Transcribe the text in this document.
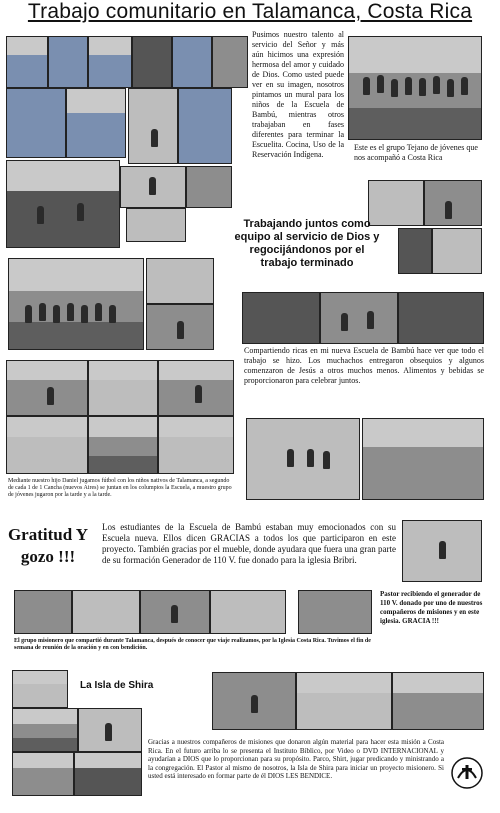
Trabajo comunitario en Talamanca, Costa Rica
Pusimos nuestro talento al servicio del Señor y más aún hicimos una expresión hermosa del amor y cuidado de Dios. Como usted puede ver en su imagen, nosotros pintamos un mural para los niños de la Escuela de Bambú, mientras otros trabajaban en fases diferentes para terminar la Escuelita. Cocina, Uso de la Reservación Indígena.
Este es el grupo Tejano de jóvenes que nos acompañó a Costa Rica
Trabajando juntos como equipo al servicio de Dios y regocijándonos por el trabajo terminado
Compartiendo ricas en mi nueva Escuela de Bambú hace ver que todo el trabajo se hizo. Los muchachos entregaron obsequios y algunos comenzaron de Jesús a otros muchos menos. Alimentos y bebidas se proporcionaron para celebrar juntos.
Mediante nuestro hijo Daniel jugamos fútbol con los niños nativos de Talamanca, a segundo de cada 1 de 1 Cancha (nuevos Aires) se juntan en los columpios la Escuela, a muestro grupo de jóvenes jugaron por la tarde y a la tarde.
Gratitud Y gozo !!!
Los estudiantes de la Escuela de Bambú estaban muy emocionados con su Escuela nueva. Ellos dicen GRACIAS a todos los que participaron en este proyecto. También gracias por el mueble, donde ayudara que fuera una gran parte de su formación Generador de 110 V. fue donado para la iglesia Bribri.
Pastor recibiendo el generador de 110 V. donado por uno de nuestros compañeros de misiones y en este iglesia. GRACIA !!!
El grupo misionero que compartió durante Talamanca, después de conocer que viaje realizamos, por la Iglesia Costa Rica. Tuvimos el fin de semana de reunión de la oración y en con bendición.
La Isla de Shira
Gracias a nuestros compañeros de misiones que donaron algún material para hacer esta misión a Costa Rica. En el futuro arriba lo se presenta el Instituto Bíblico, por Video o DVD INTERNACIONAL y ayudarían a DIOS que lo proporcionan para su propósito. Parco, Shirt, jugar predicando y ministrando a la congregación. El Pastor al mismo de nosotros, la Isla de Shira para iniciar un proyecto misionero. Si usted está interesado en formar parte de él DIOS LES BENDICE.
